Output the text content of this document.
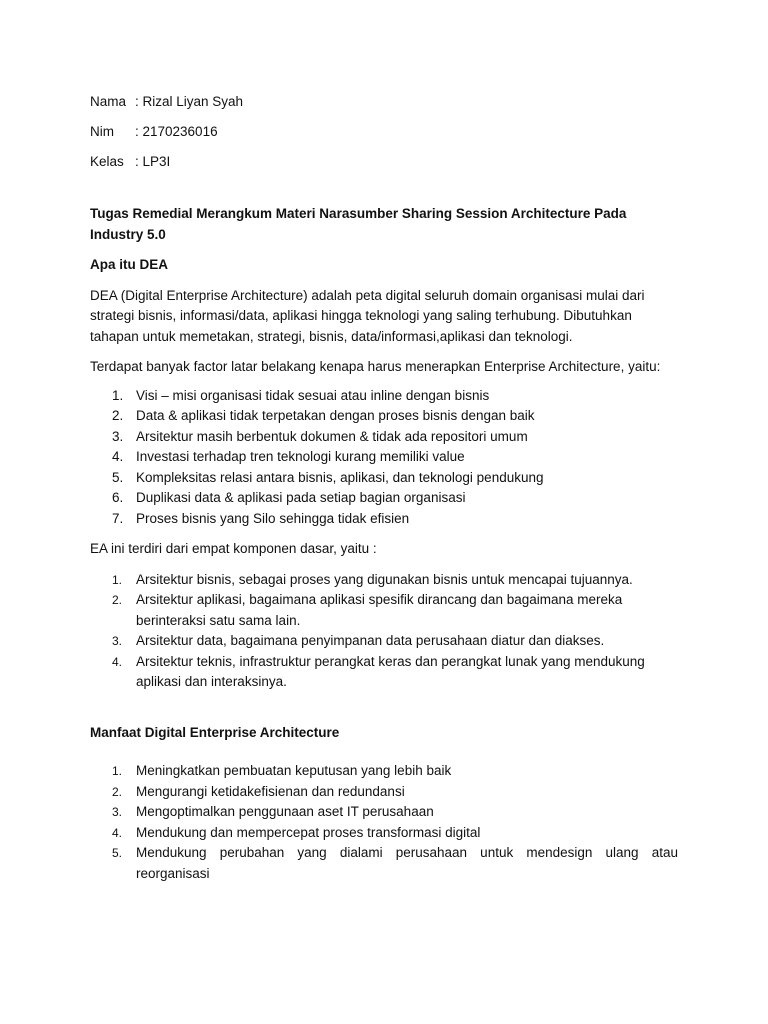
Nama : Rizal Liyan Syah
Nim	: 2170236016
Kelas : LP3I
Tugas Remedial Merangkum Materi Narasumber Sharing Session Architecture Pada Industry 5.0
Apa itu DEA
DEA (Digital Enterprise Architecture) adalah peta digital seluruh domain organisasi mulai dari strategi bisnis, informasi/data, aplikasi hingga teknologi yang saling terhubung. Dibutuhkan tahapan untuk memetakan, strategi, bisnis, data/informasi,aplikasi dan teknologi.
Terdapat banyak factor latar belakang kenapa harus menerapkan Enterprise Architecture, yaitu:
1. Visi – misi organisasi tidak sesuai atau inline dengan bisnis
2. Data & aplikasi tidak terpetakan dengan proses bisnis dengan baik
3. Arsitektur masih berbentuk dokumen & tidak ada repositori umum
4. Investasi terhadap tren teknologi kurang memiliki value
5. Kompleksitas relasi antara bisnis, aplikasi, dan teknologi pendukung
6. Duplikasi data & aplikasi pada setiap bagian organisasi
7. Proses bisnis yang Silo sehingga tidak efisien
EA ini terdiri dari empat komponen dasar, yaitu :
1.	Arsitektur bisnis, sebagai proses yang digunakan bisnis untuk mencapai tujuannya.
2.	Arsitektur aplikasi, bagaimana aplikasi spesifik dirancang dan bagaimana mereka berinteraksi satu sama lain.
3.	Arsitektur data, bagaimana penyimpanan data perusahaan diatur dan diakses.
4.	Arsitektur teknis, infrastruktur perangkat keras dan perangkat lunak yang mendukung aplikasi dan interaksinya.
Manfaat Digital Enterprise Architecture
1.	Meningkatkan pembuatan keputusan yang lebih baik
2.	Mengurangi ketidakefisienan dan redundansi
3.	Mengoptimalkan penggunaan aset IT perusahaan
4.	Mendukung dan mempercepat proses transformasi digital
5.	Mendukung perubahan yang dialami perusahaan untuk mendesign ulang atau reorganisasi
